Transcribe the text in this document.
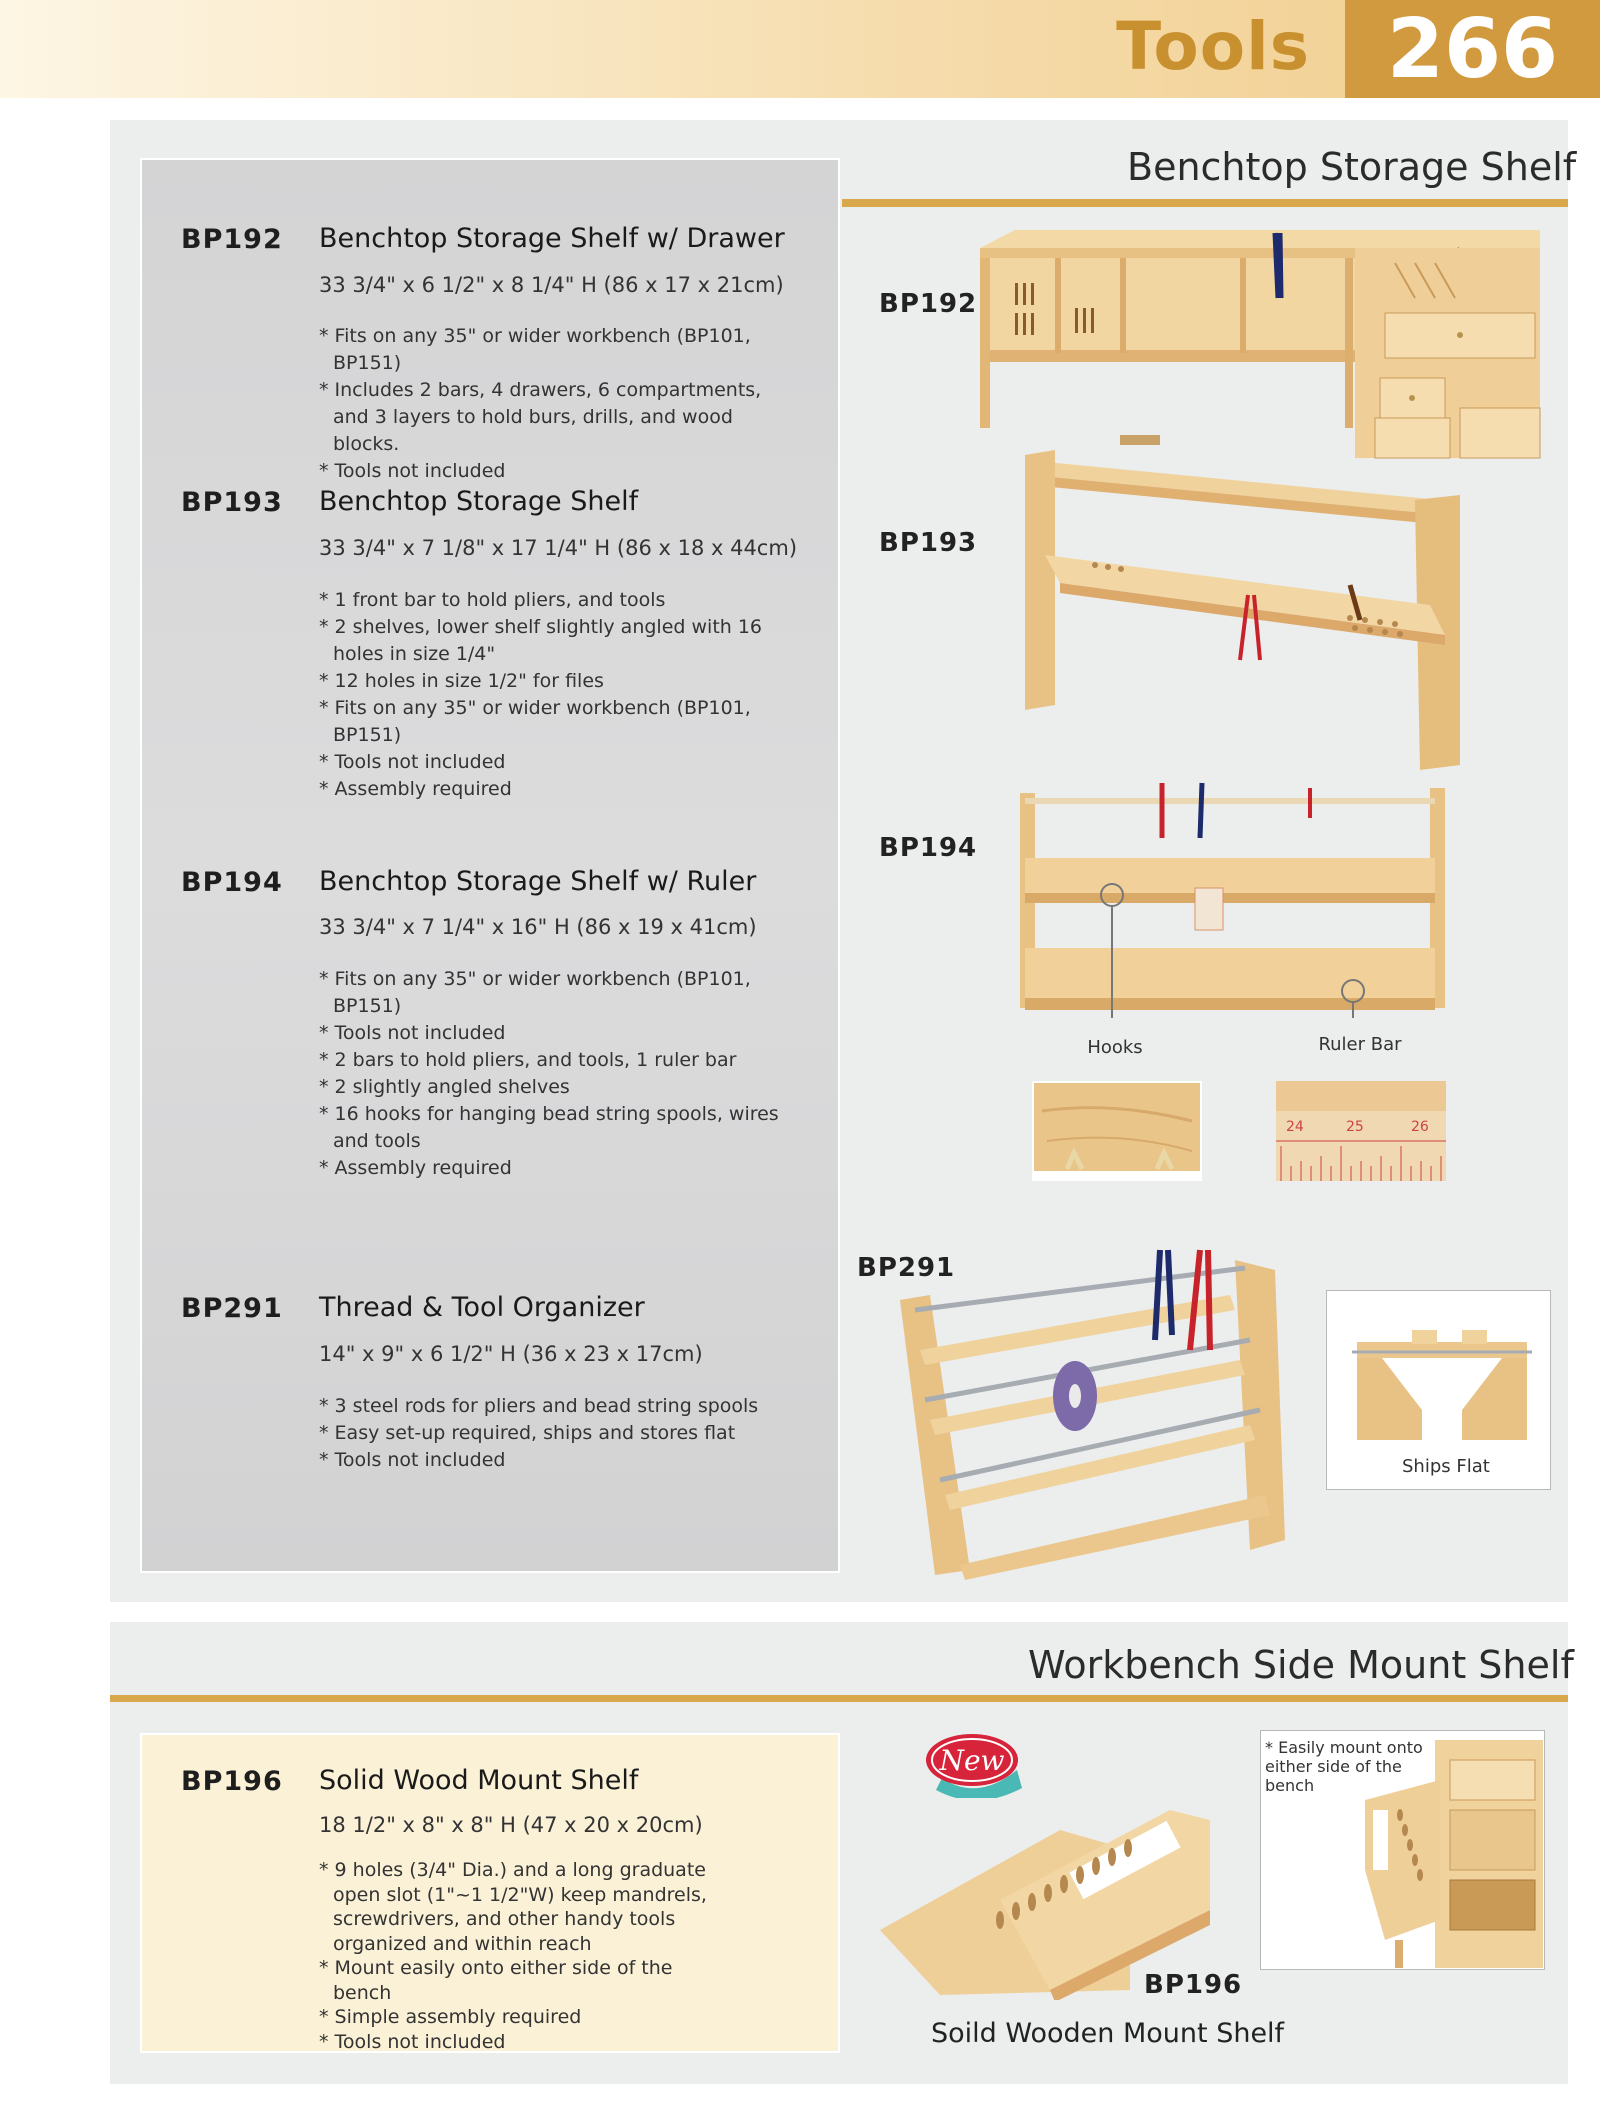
Tools 266
Benchtop Storage Shelf
BP192 Benchtop Storage Shelf w/ Drawer
33 3/4" x 6 1/2" x 8 1/4" H (86 x 17 x 21cm)
* Fits on any 35" or wider workbench (BP101, BP151)
* Includes 2 bars, 4 drawers, 6 compartments, and 3 layers to hold burs, drills, and wood blocks.
* Tools not included
BP193 Benchtop Storage Shelf
33 3/4" x 7 1/8" x 17 1/4" H (86 x 18 x 44cm)
* 1 front bar to hold pliers, and tools
* 2 shelves, lower shelf slightly angled with 16 holes in size 1/4"
* 12 holes in size 1/2" for files
* Fits on any 35" or wider workbench (BP101, BP151)
* Tools not included
* Assembly required
BP194 Benchtop Storage Shelf w/ Ruler
33 3/4" x 7 1/4" x 16" H (86 x 19 x 41cm)
* Fits on any 35" or wider workbench (BP101, BP151)
* Tools not included
* 2 bars to hold pliers, and tools, 1 ruler bar
* 2 slightly angled shelves
* 16 hooks for hanging bead string spools, wires and tools
* Assembly required
BP291 Thread & Tool Organizer
14" x 9" x 6 1/2" H (36 x 23 x 17cm)
* 3 steel rods for pliers and bead string spools
* Easy set-up required, ships and stores flat
* Tools not included
BP192
BP193
BP194
BP291
Hooks	Ruler Bar
24	25	26
Ships Flat
Workbench Side Mount Shelf
BP196 Solid Wood Mount Shelf
18 1/2" x 8" x 8" H (47 x 20 x 20cm)
* 9 holes (3/4" Dia.) and a long graduate open slot (1"~1 1/2"W) keep mandrels, screwdrivers, and other handy tools organized and within reach
* Mount easily onto either side of the bench
* Simple assembly required
* Tools not included
New
BP196
Soild Wooden Mount Shelf
* Easily mount onto either side of the bench
